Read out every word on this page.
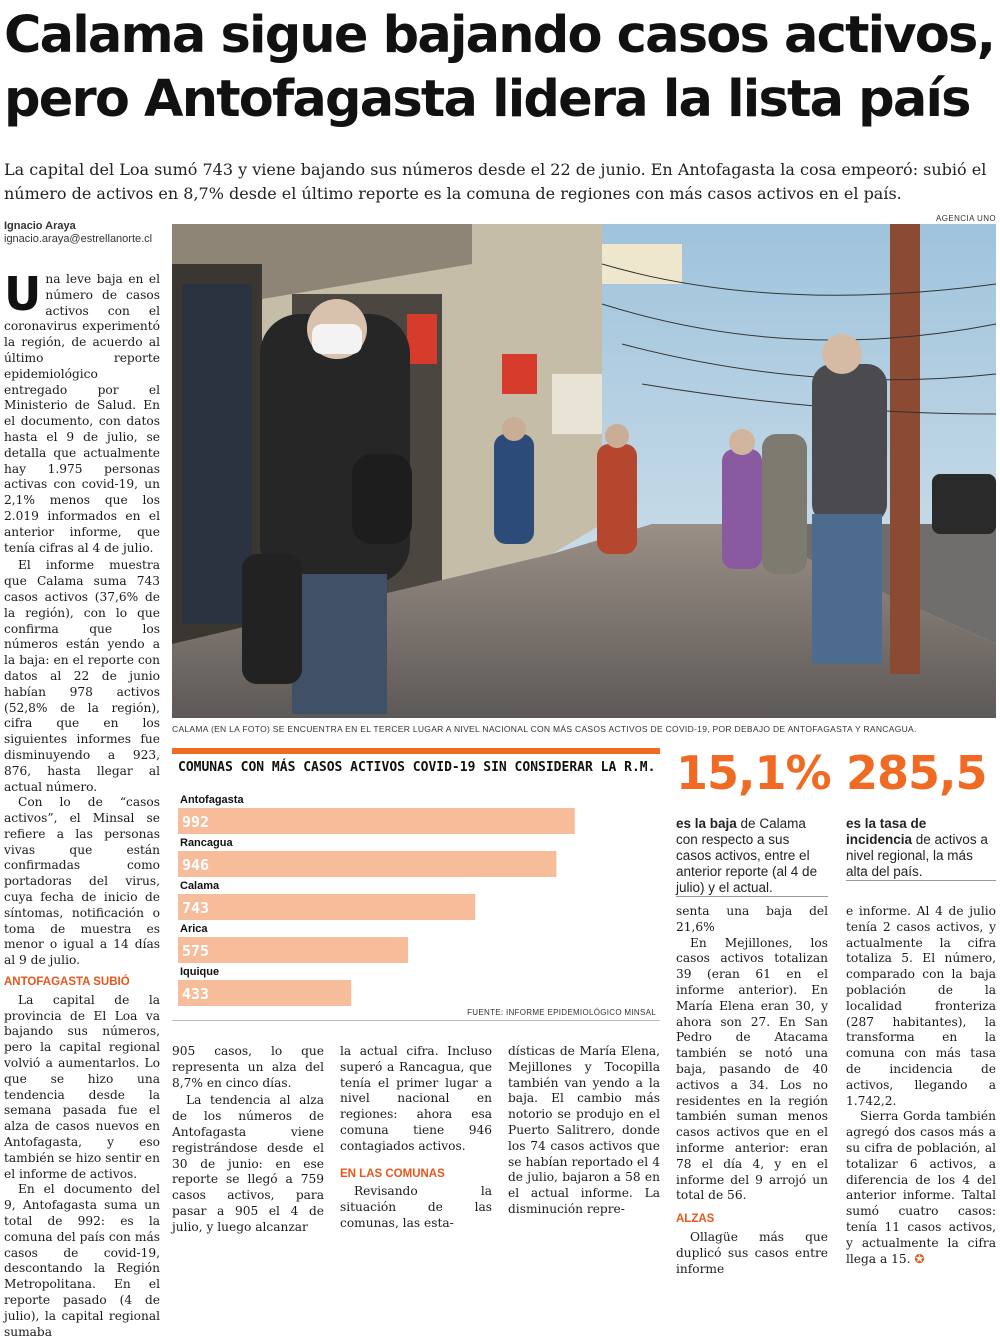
Calama sigue bajando casos activos,
pero Antofagasta lidera la lista país

La capital del Loa sumó 743 y viene bajando sus números desde el 22 de junio. En Antofagasta la cosa empeoró: subió el número de activos en 8,7% desde el último reporte es la comuna de regiones con más casos activos en el país.

Ignacio Araya
ignacio.araya@estrellanorte.cl
AGENCIA UNO
CALAMA (EN LA FOTO) SE ENCUENTRA EN EL TERCER LUGAR A NIVEL NACIONAL CON MÁS CASOS ACTIVOS DE COVID-19, POR DEBAJO DE ANTOFAGASTA Y RANCAGUA.
U na leve baja en el número de casos activos con el coronavirus experimentó la región, de acuerdo al último reporte epidemiológico entregado por el Ministerio de Salud. En el documento, con datos hasta el 9 de julio, se detalla que actualmente hay 1.975 personas activas con covid-19, un 2,1% menos que los 2.019 informados en el anterior informe, que tenía cifras al 4 de julio.

El informe muestra que Calama suma 743 casos activos (37,6% de la región), con lo que confirma que los números están yendo a la baja: en el reporte con datos al 22 de junio habían 978 activos (52,8% de la región), cifra que en los siguientes informes fue disminuyendo a 923, 876, hasta llegar al actual número.

Con lo de “casos activos”, el Minsal se refiere a las personas vivas que están confirmadas como portadoras del virus, cuya fecha de inicio de síntomas, notificación o toma de muestra es menor o igual a 14 días al 9 de julio.

ANTOFAGASTA SUBIÓ

La capital de la provincia de El Loa va bajando sus números, pero la capital regional volvió a aumentarlos. Lo que se hizo una tendencia desde la semana pasada fue el alza de casos nuevos en Antofagasta, y eso también se hizo sentir en el informe de activos.

En el documento del 9, Antofagasta suma un total de 992: es la comuna del país con más casos de covid-19, descontando la Región Metropolitana. En el reporte pasado (4 de julio), la capital regional sumaba

COMUNAS CON MÁS CASOS ACTIVOS COVID-19 SIN CONSIDERAR LA R.M.
Antofagasta
992
Rancagua
946
Calama
743
Arica
575
Iquique
433
FUENTE: INFORME EPIDEMIOLÓGICO MINSAL

905 casos, lo que representa un alza del 8,7% en cinco días.

La tendencia al alza de los números de Antofagasta viene registrándose desde el 30 de junio: en ese reporte se llegó a 759 casos activos, para pasar a 905 el 4 de julio, y luego alcanzar

la actual cifra. Incluso superó a Rancagua, que tenía el primer lugar a nivel nacional en regiones: ahora esa comuna tiene 946 contagiados activos.

EN LAS COMUNAS

Revisando la situación de las comunas, las esta-

dísticas de María Elena, Mejillones y Tocopilla también van yendo a la baja. El cambio más notorio se produjo en el Puerto Salitrero, donde los 74 casos activos que se habían reportado el 4 de julio, bajaron a 58 en el actual informe. La disminución repre-

15,1%
es la baja de Calama con respecto a sus casos activos, entre el anterior reporte (al 4 de julio) y el actual.
285,5
es la tasa de incidencia de activos a nivel regional, la más alta del país.

senta una baja del 21,6%

En Mejillones, los casos activos totalizan 39 (eran 61 en el informe anterior). En María Elena eran 30, y ahora son 27. En San Pedro de Atacama también se notó una baja, pasando de 40 activos a 34. Los no residentes en la región también suman menos casos activos que en el informe anterior: eran 78 el día 4, y en el informe del 9 arrojó un total de 56.

ALZAS

Ollagüe más que duplicó sus casos entre informe

e informe. Al 4 de julio tenía 2 casos activos, y actualmente la cifra totaliza 5. El número, comparado con la baja población de la localidad fronteriza (287 habitantes), la transforma en la comuna con más tasa de incidencia de activos, llegando a 1.742,2.

Sierra Gorda también agregó dos casos más a su cifra de población, al totalizar 6 activos, a diferencia de los 4 del anterior informe. Taltal sumó cuatro casos: tenía 11 casos activos, y actualmente la cifra llega a 15. ✪
